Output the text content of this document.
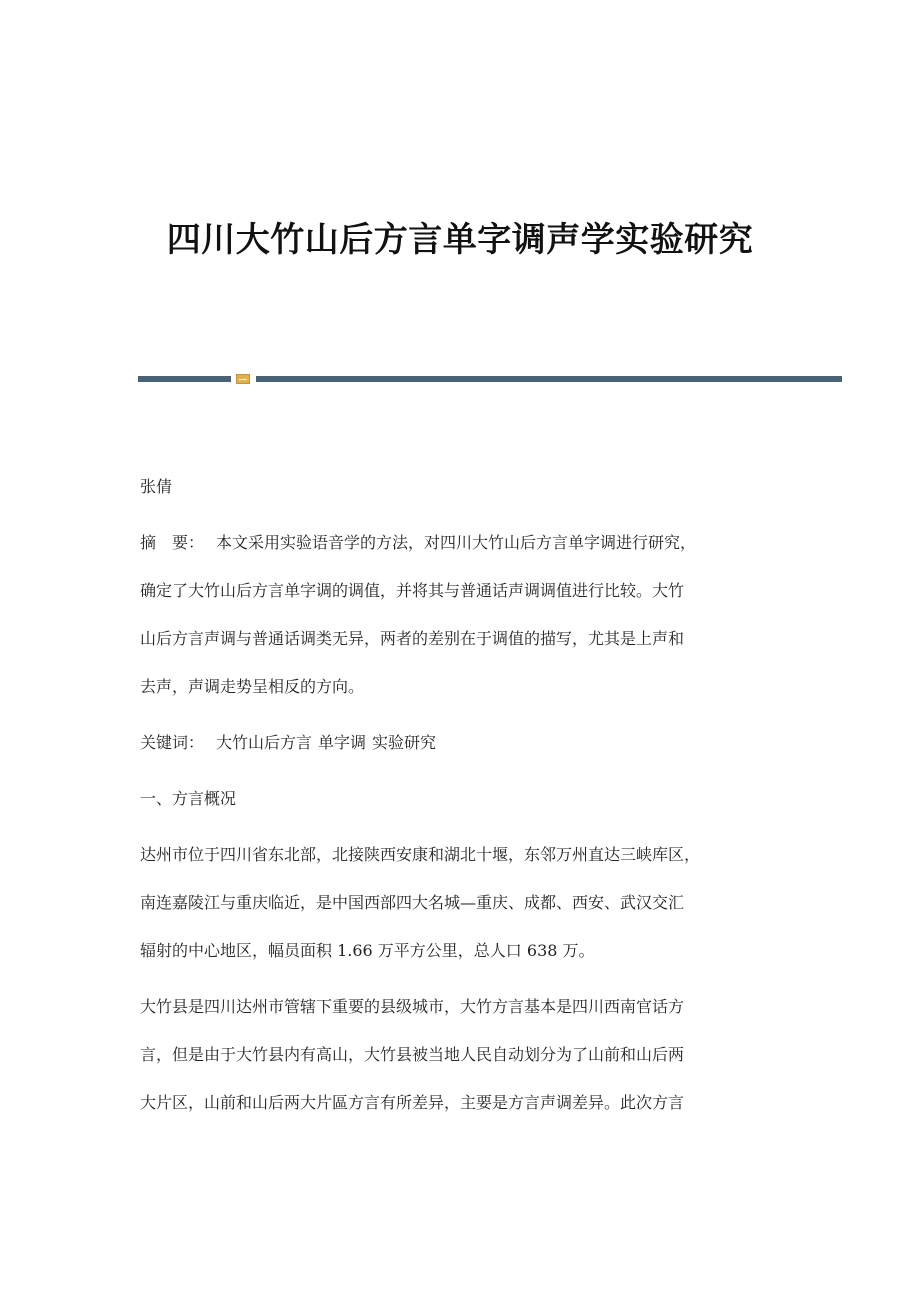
四川大竹山后方言单字调声学实验研究
张倩
摘　要： 本文采用实验语音学的方法，对四川大竹山后方言单字调进行研究，
确定了大竹山后方言单字调的调值，并将其与普通话声调调值进行比较。大竹
山后方言声调与普通话调类无异，两者的差别在于调值的描写，尤其是上声和
去声，声调走势呈相反的方向。
关键词： 大竹山后方言 单字调 实验研究
一、方言概况
达州市位于四川省东北部，北接陕西安康和湖北十堰，东邻万州直达三峡库区，
南连嘉陵江与重庆临近，是中国西部四大名城—重庆、成都、西安、武汉交汇
辐射的中心地区，幅员面积 1.66 万平方公里，总人口 638 万。
大竹县是四川达州市管辖下重要的县级城市，大竹方言基本是四川西南官话方
言，但是由于大竹县内有高山，大竹县被当地人民自动划分为了山前和山后两
大片区，山前和山后两大片區方言有所差异，主要是方言声调差异。此次方言
